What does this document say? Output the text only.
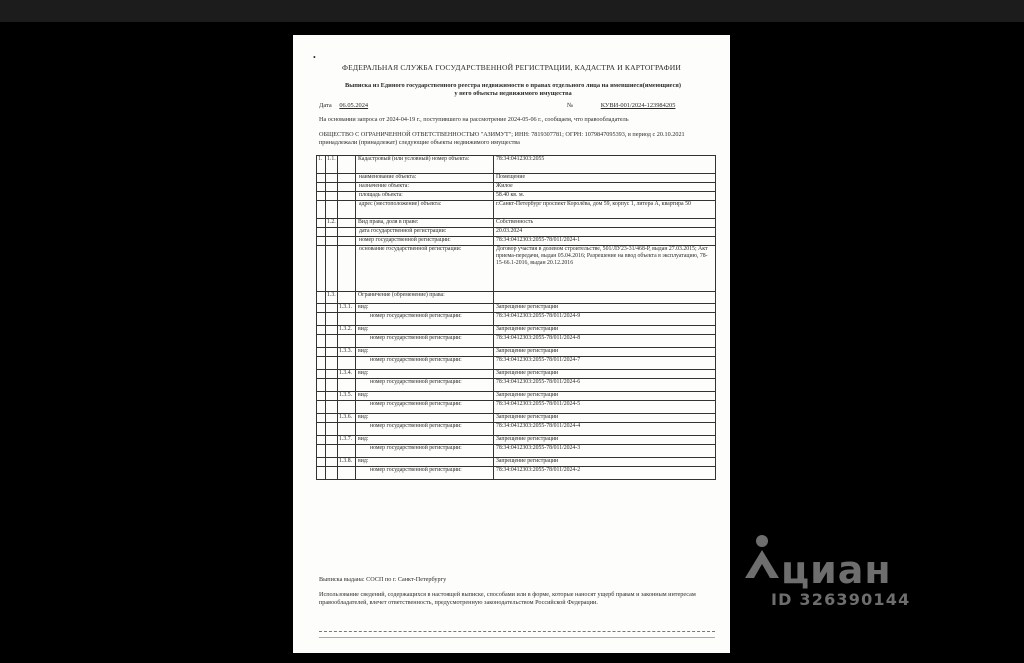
•
ФЕДЕРАЛЬНАЯ СЛУЖБА ГОСУДАРСТВЕННОЙ РЕГИСТРАЦИИ, КАДАСТРА И КАРТОГРАФИИ
Выписка из Единого государственного реестра недвижимости о правах отдельного лица на имевшиеся(имеющиеся)
у него объекты недвижимого имущества
Дата 06.05.2024	№	КУВИ-001/2024-123984205
На основании запроса от 2024-04-19 г., поступившего на рассмотрение 2024-05-06 г., сообщаем, что правообладатель
ОБЩЕСТВО С ОГРАНИЧЕННОЙ ОТВЕТСТВЕННОСТЬЮ "АЗИМУТ"; ИНН: 7819307781; ОГРН: 1079847095393, в период с 20.10.2021 принадлежали (принадлежат) следующие объекты недвижимого имущества
1.	1.1.		Кадастровый (или условный) номер объекта:	78:34:0412303:2055
			наименование объекта:	Помещение
			назначение объекта:	Жилое
			площадь объекта:	58.40 кв. м.
			адрес (местоположение) объекта:	г.Санкт-Петербург проспект Королёва, дом 59, корпус 1, литера А, квартира 50
	1.2.		Вид права, доля в праве:	Собственность
			дата государственной регистрации:	20.03.2024
			номер государственной регистрации:	78:34:0412303:2055-78/011/2024-1
			основание государственной регистрации:	Договор участия в долевом строительстве, 501/ЛУ23-31/468-Р, выдан 27.03.2015; Акт приема-передачи, выдан 05.04.2016; Разрешение на ввод объекта в эксплуатацию, 78-15-66.1-2016, выдан 20.12.2016
	1.3.		Ограничение (обременение) права:	
		1.3.1.	вид:	Запрещение регистрации
			номер государственной регистрации:	78:34:0412303:2055-78/011/2024-9
		1.3.2.	вид:	Запрещение регистрации
			номер государственной регистрации:	78:34:0412303:2055-78/011/2024-8
		1.3.3.	вид:	Запрещение регистрации
			номер государственной регистрации:	78:34:0412303:2055-78/011/2024-7
		1.3.4.	вид:	Запрещение регистрации
			номер государственной регистрации:	78:34:0412303:2055-78/011/2024-6
		1.3.5.	вид:	Запрещение регистрации
			номер государственной регистрации:	78:34:0412303:2055-78/011/2024-5
		1.3.6.	вид:	Запрещение регистрации
			номер государственной регистрации:	78:34:0412303:2055-78/011/2024-4
		1.3.7.	вид:	Запрещение регистрации
			номер государственной регистрации:	78:34:0412303:2055-78/011/2024-3
		1.3.8.	вид:	Запрещение регистрации
			номер государственной регистрации:	78:34:0412303:2055-78/011/2024-2
Выписка выдана: СОСП по г. Санкт-Петербургу
Использование сведений, содержащихся в настоящей выписке, способами или в форме, которые наносят ущерб правам и законным интересам правообладателей, влечет ответственность, предусмотренную законодательством Российской Федерации.
циан
ID 326390144
